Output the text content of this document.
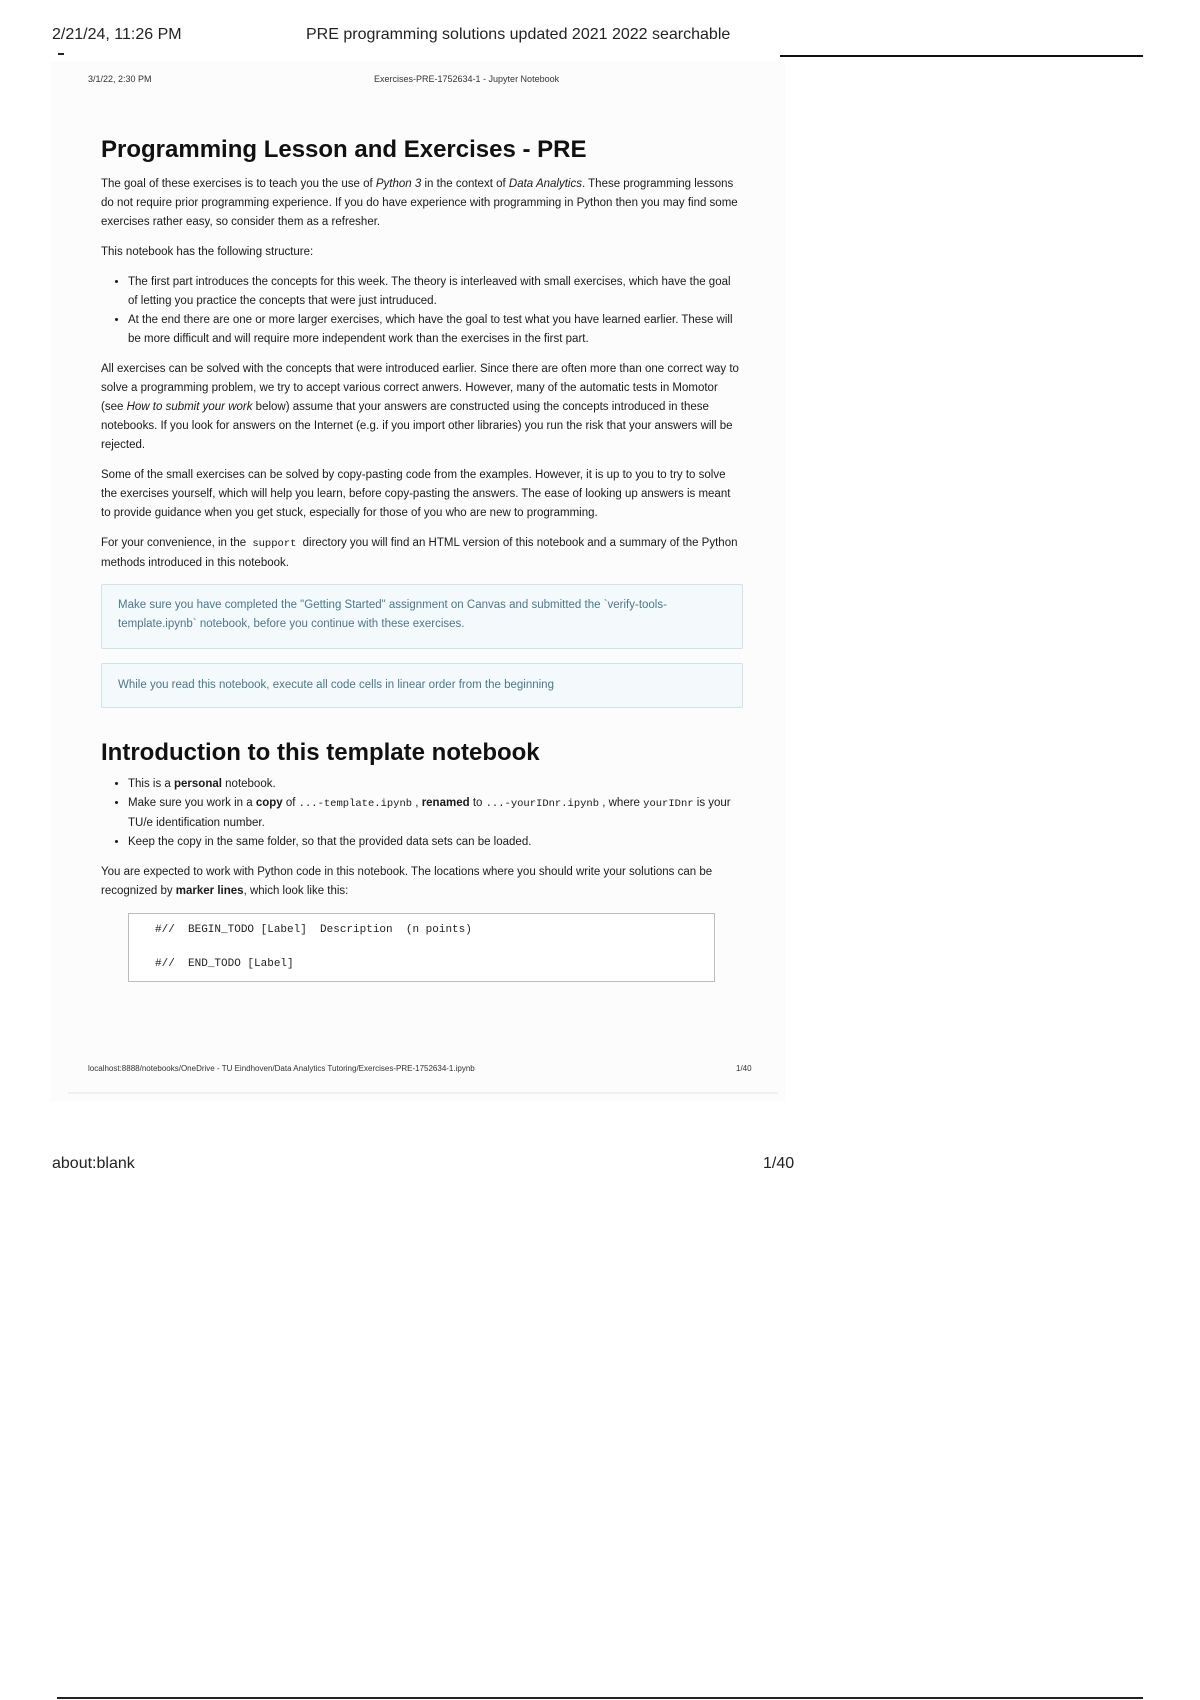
2/21/24, 11:26 PM	PRE programming solutions updated 2021 2022 searchable
3/1/22, 2:30 PM	Exercises-PRE-1752634-1 - Jupyter Notebook
Programming Lesson and Exercises - PRE

The goal of these exercises is to teach you the use of Python 3 in the context of Data Analytics. These programming lessons do not require prior programming experience. If you do have experience with programming in Python then you may find some exercises rather easy, so consider them as a refresher.

This notebook has the following structure:

• The first part introduces the concepts for this week. The theory is interleaved with small exercises, which have the goal of letting you practice the concepts that were just intruduced.
• At the end there are one or more larger exercises, which have the goal to test what you have learned earlier. These will be more difficult and will require more independent work than the exercises in the first part.

All exercises can be solved with the concepts that were introduced earlier. Since there are often more than one correct way to solve a programming problem, we try to accept various correct anwers. However, many of the automatic tests in Momotor (see How to submit your work below) assume that your answers are constructed using the concepts introduced in these notebooks. If you look for answers on the Internet (e.g. if you import other libraries) you run the risk that your answers will be rejected.

Some of the small exercises can be solved by copy-pasting code from the examples. However, it is up to you to try to solve the exercises yourself, which will help you learn, before copy-pasting the answers. The ease of looking up answers is meant to provide guidance when you get stuck, especially for those of you who are new to programming.

For your convenience, in the support directory you will find an HTML version of this notebook and a summary of the Python methods introduced in this notebook.

Make sure you have completed the "Getting Started" assignment on Canvas and submitted the `verify-tools-template.ipynb` notebook, before you continue with these exercises.
While you read this notebook, execute all code cells in linear order from the beginning
Introduction to this template notebook
• This is a personal notebook.
• Make sure you work in a copy of ...-template.ipynb , renamed to ...-yourIDnr.ipynb , where yourIDnr is your TU/e identification number.
• Keep the copy in the same folder, so that the provided data sets can be loaded.

You are expected to work with Python code in this notebook. The locations where you should write your solutions can be recognized by marker lines, which look like this:

#//  BEGIN_TODO [Label]  Description  (n points)
#//  END_TODO [Label]
localhost:8888/notebooks/OneDrive - TU Eindhoven/Data Analytics Tutoring/Exercises-PRE-1752634-1.ipynb	1/40
about:blank	1/40
